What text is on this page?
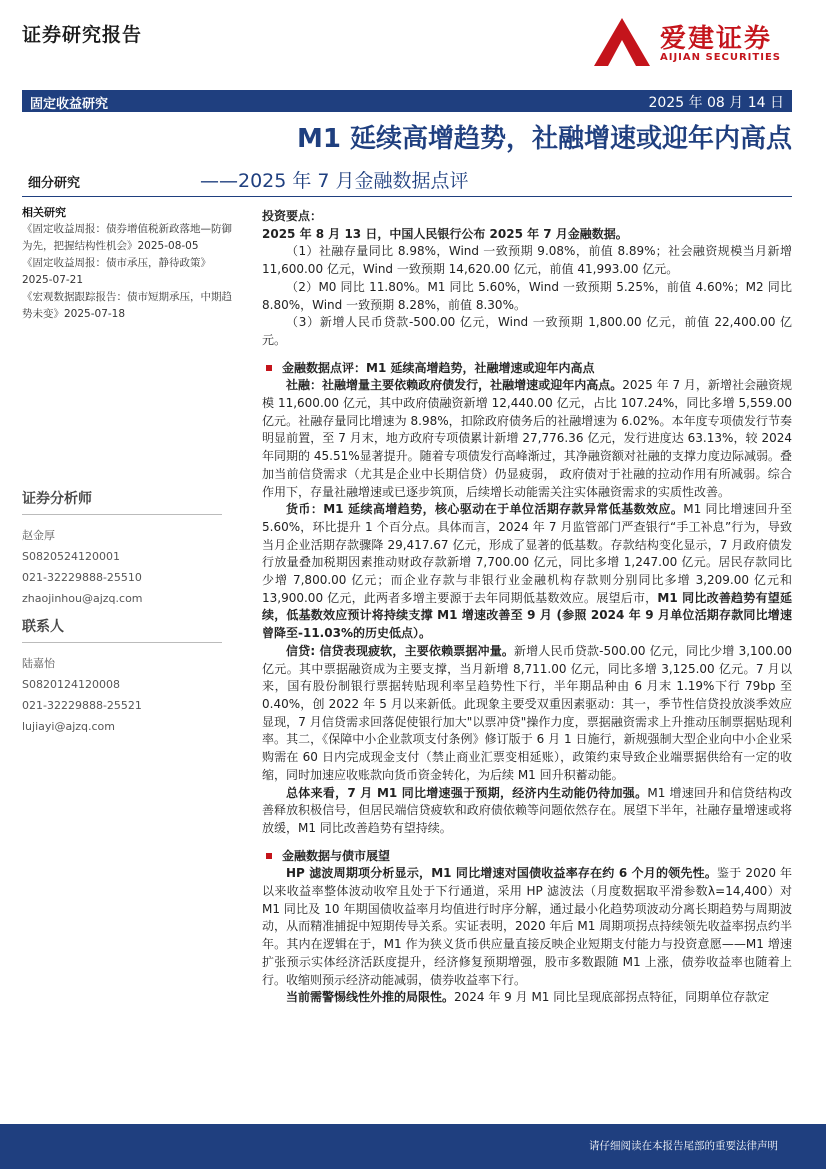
证券研究报告	爱建证券
AIJIAN SECURITIES
固定收益研究	2025 年 08 月 14 日
M1 延续高增趋势，社融增速或迎年内高点
——2025 年 7 月金融数据点评
细分研究
相关研究
《固定收益周报：债券增值税新政落地—防御为先，把握结构性机会》2025-08-05
《固定收益周报：债市承压，静待政策》2025-07-21
《宏观数据跟踪报告：债市短期承压，中期趋势未变》2025-07-18
证券分析师
赵金厚
S0820524120001
021-32229888-25510
zhaojinhou@ajzq.com
联系人
陆嘉怡
S0820124120008
021-32229888-25521
lujiayi@ajzq.com

投资要点：

2025 年 8 月 13 日，中国人民银行公布 2025 年 7 月金融数据。

（1）社融存量同比 8.98%，Wind 一致预期 9.08%，前值 8.89%；社会融资规模当月新增 11,600.00 亿元，Wind 一致预期 14,620.00 亿元，前值 41,993.00 亿元。

（2）M0 同比 11.80%。M1 同比 5.60%，Wind 一致预期 5.25%，前值 4.60%；M2 同比 8.80%，Wind 一致预期 8.28%，前值 8.30%。

（3）新增人民币贷款-500.00 亿元，Wind 一致预期 1,800.00 亿元，前值 22,400.00 亿元。

金融数据点评：M1 延续高增趋势，社融增速或迎年内高点

社融：社融增量主要依赖政府债发行，社融增速或迎年内高点。2025 年 7 月，新增社会融资规模 11,600.00 亿元，其中政府债融资新增 12,440.00 亿元，占比 107.24%，同比多增 5,559.00 亿元。社融存量同比增速为 8.98%，扣除政府债务后的社融增速为 6.02%。本年度专项债发行节奏明显前置，至 7 月末，地方政府专项债累计新增 27,776.36 亿元，发行进度达 63.13%，较 2024 年同期的 45.51%显著提升。随着专项债发行高峰渐过，其净融资额对社融的支撑力度边际减弱。叠加当前信贷需求（尤其是企业中长期信贷）仍显疲弱， 政府债对于社融的拉动作用有所减弱。综合作用下，存量社融增速或已逐步筑顶，后续增长动能需关注实体融资需求的实质性改善。

货币：M1 延续高增趋势，核心驱动在于单位活期存款异常低基数效应。M1 同比增速回升至 5.60%，环比提升 1 个百分点。具体而言，2024 年 7 月监管部门严查银行“手工补息”行为，导致当月企业活期存款骤降 29,417.67 亿元，形成了显著的低基数。存款结构变化显示，7 月政府债发行放量叠加税期因素推动财政存款新增 7,700.00 亿元，同比多增 1,247.00 亿元。居民存款同比少增 7,800.00 亿元；而企业存款与非银行业金融机构存款则分别同比多增 3,209.00 亿元和 13,900.00 亿元，此两者多增主要源于去年同期低基数效应。展望后市，M1 同比改善趋势有望延续，低基数效应预计将持续支撑 M1 增速改善至 9 月 (参照 2024 年 9 月单位活期存款同比增速曾降至-11.03%的历史低点）。

信贷: 信贷表现疲软，主要依赖票据冲量。新增人民币贷款-500.00 亿元，同比少增 3,100.00 亿元。其中票据融资成为主要支撑，当月新增 8,711.00 亿元，同比多增 3,125.00 亿元。7 月以来，国有股份制银行票据转贴现利率呈趋势性下行，半年期品种由 6 月末 1.19%下行 79bp 至 0.40%，创 2022 年 5 月以来新低。此现象主要受双重因素驱动：其一，季节性信贷投放淡季效应显现，7 月信贷需求回落促使银行加大"以票冲贷"操作力度，票据融资需求上升推动压制票据贴现利率。其二，《保障中小企业款项支付条例》修订版于 6 月 1 日施行，新规强制大型企业向中小企业采购需在 60 日内完成现金支付（禁止商业汇票变相延账），政策约束导致企业端票据供给有一定的收缩，同时加速应收账款向货币资金转化，为后续 M1 回升积蓄动能。

总体来看，7 月 M1 同比增速强于预期，经济内生动能仍待加强。M1 增速回升和信贷结构改善释放积极信号，但居民端信贷疲软和政府债依赖等问题依然存在。展望下半年，社融存量增速或将放缓，M1 同比改善趋势有望持续。

金融数据与债市展望

HP 滤波周期项分析显示，M1 同比增速对国债收益率存在约 6 个月的领先性。鉴于 2020 年以来收益率整体波动收窄且处于下行通道，采用 HP 滤波法（月度数据取平滑参数λ=14,400）对 M1 同比及 10 年期国债收益率月均值进行时序分解，通过最小化趋势项波动分离长期趋势与周期波动，从而精准捕捉中短期传导关系。实证表明，2020 年后 M1 周期项拐点持续领先收益率拐点约半年。其内在逻辑在于，M1 作为狭义货币供应量直接反映企业短期支付能力与投资意愿——M1 增速扩张预示实体经济活跃度提升，经济修复预期增强，股市多数跟随 M1 上涨，债券收益率也随着上行。收缩则预示经济动能减弱，债券收益率下行。

当前需警惕线性外推的局限性。2024 年 9 月 M1 同比呈现底部拐点特征，同期单位存款定

请仔细阅读在本报告尾部的重要法律声明
